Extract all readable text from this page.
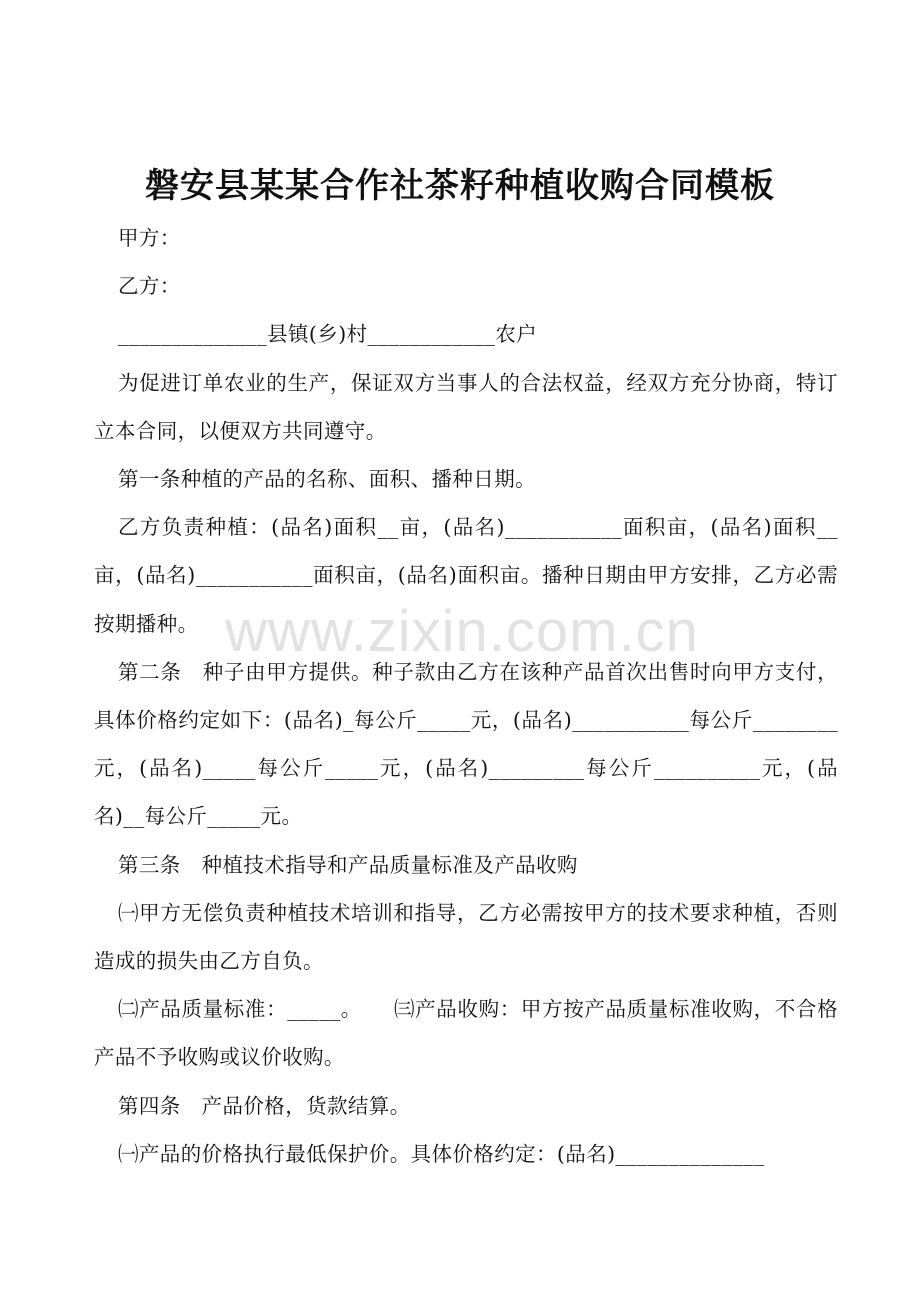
磐安县某某合作社茶籽种植收购合同模板
www.zixin.com.cn

甲方：

乙方：

______________县镇(乡)村____________农户

为促进订单农业的生产，保证双方当事人的合法权益，经双方充分协商，特订立本合同，以便双方共同遵守。

第一条种植的产品的名称、面积、播种日期。

乙方负责种植：(品名)面积__亩，(品名)___________面积亩，(品名)面积__亩，(品名)___________面积亩，(品名)面积亩。播种日期由甲方安排，乙方必需按期播种。

第二条　种子由甲方提供。种子款由乙方在该种产品首次出售时向甲方支付，具体价格约定如下：(品名)_每公斤_____元，(品名)___________每公斤________元，(品名)_____每公斤_____元，(品名)_________每公斤__________元，(品名)__每公斤_____元。

第三条　种植技术指导和产品质量标准及产品收购

㈠甲方无偿负责种植技术培训和指导，乙方必需按甲方的技术要求种植，否则造成的损失由乙方自负。

㈡产品质量标准：_____。　　㈢产品收购：甲方按产品质量标准收购，不合格产品不予收购或议价收购。

第四条　产品价格，货款结算。

㈠产品的价格执行最低保护价。具体价格约定：(品名)______________
